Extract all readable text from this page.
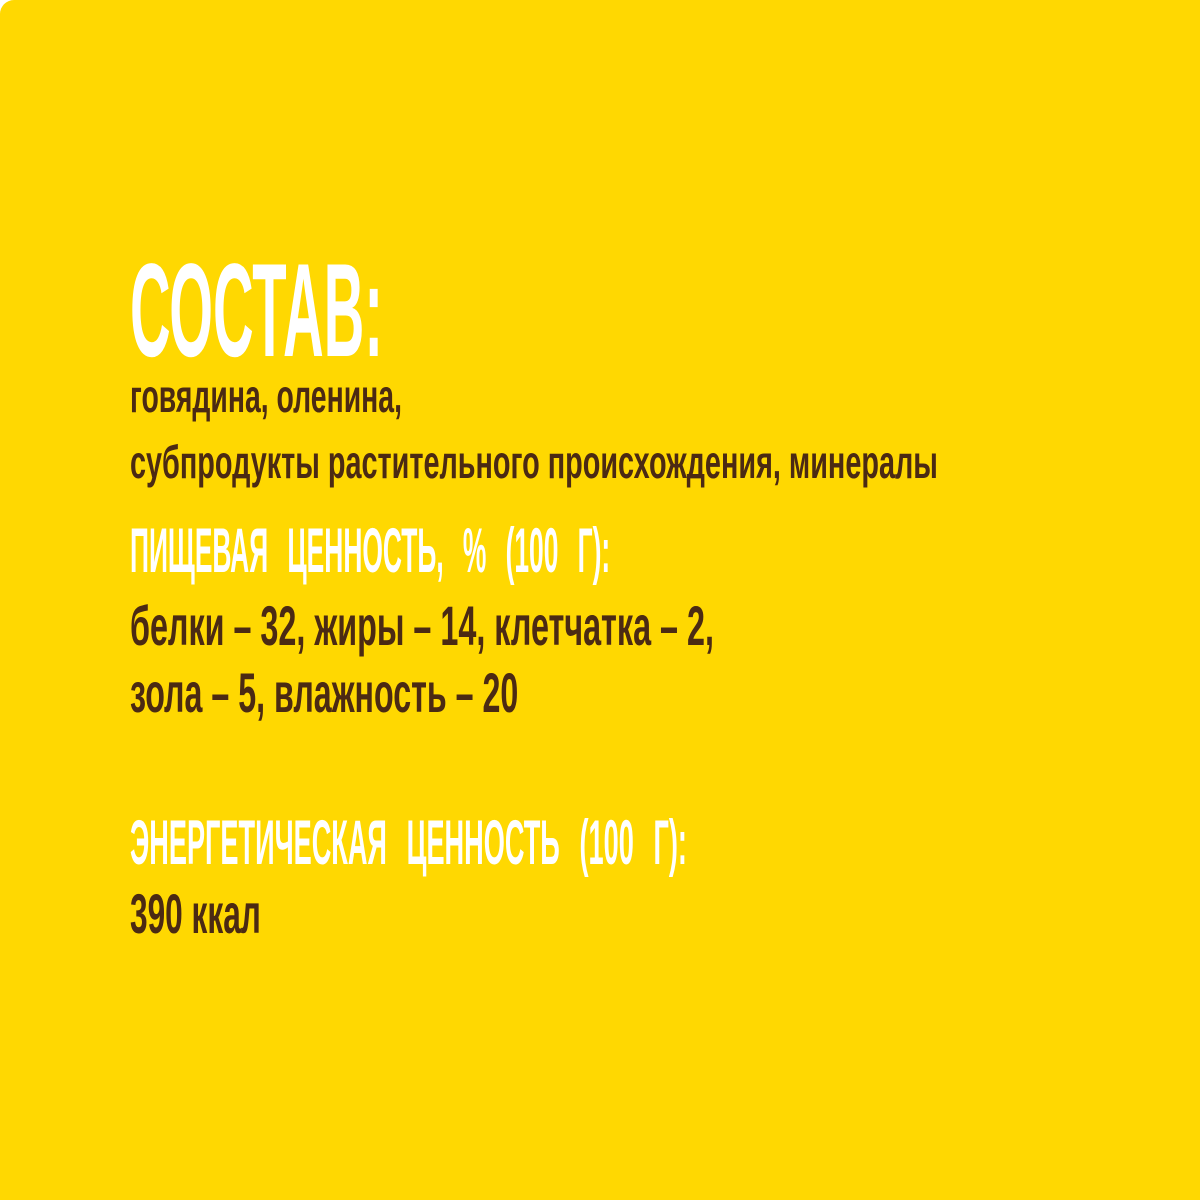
СОСТАВ:
говядина, оленина,
субпродукты растительного происхождения, минералы
ПИЩЕВАЯ ЦЕННОСТЬ, % (100 Г):
белки – 32, жиры – 14, клетчатка – 2,
зола – 5, влажность – 20
ЭНЕРГЕТИЧЕСКАЯ ЦЕННОСТЬ (100 Г):
390 ккал
